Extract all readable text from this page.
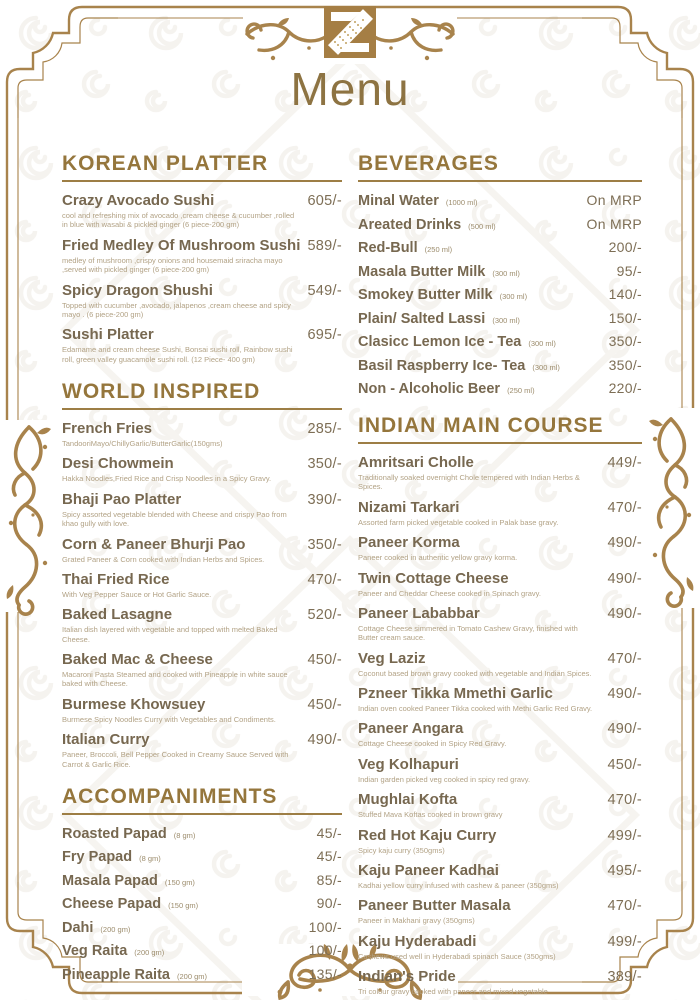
Menu
KOREAN PLATTER
Crazy Avocado Sushi	605/-
cool and refreshing mix of avocado ,cream cheese & cucumber ,rolled in blue with wasabi & pickled ginger (6 piece-200 gm)
Fried Medley Of Mushroom Sushi 589/-
medley of mushroom ,crispy onions and housemaid sriracha mayo ,served with pickled ginger (6 piece-200 gm)
Spicy Dragon Shushi	549/-
Topped with cucumber ,avocado, jalapenos ,cream cheese and spicy mayo . (6 piece-200 gm)
Sushi Platter	695/-
Edamame and cream cheese Sushi, Bonsai sushi roll, Rainbow sushi roll, green valley guacamole sushi roll. (12 Piece- 400 gm)
WORLD INSPIRED
French Fries	285/-
TandooriMayo/ChillyGarlic/ButterGarlic(150gms)
Desi Chowmein	350/-
Hakka Noodles,Fried Rice and Crisp Noodles in a Spicy Gravy.
Bhaji Pao Platter	390/-
Spicy assorted vegetable blended with Cheese and crispy Pao from khao gully with love.
Corn & Paneer Bhurji Pao	350/-
Grated Paneer & Corn cooked with Indian Herbs and Spices.
Thai Fried Rice	470/-
With Veg Pepper Sauce or Hot Garlic Sauce.
Baked Lasagne	520/-
Italian dish layered with vegetable and topped with melted Baked Cheese.
Baked Mac & Cheese	450/-
Macaroni Pasta Steamed and cooked with Pineapple in white sauce baked with Cheese.
Burmese Khowsuey	450/-
Burmese Spicy Noodles Curry with Vegetables and Condiments.
Italian Curry	490/-
Paneer, Broccoli, Bell Pepper Cooked in Creamy Sauce Served with Carrot & Garlic Rice.
ACCOMPANIMENTS
Roasted Papad (8 gm)	45/-
Fry Papad (8 gm)	45/-
Masala Papad (150 gm)	85/-
Cheese Papad (150 gm)	90/-
Dahi (200 gm)	100/-
Veg Raita (200 gm)	100/-
Pineapple Raita (200 gm)	135/-
BEVERAGES
Minal Water (1000 ml)	On MRP
Areated Drinks (500 ml)	On MRP
Red-Bull (250 ml)	200/-
Masala Butter Milk (300 ml)	95/-
Smokey Butter Milk (300 ml)	140/-
Plain/ Salted Lassi (300 ml)	150/-
Clasicc Lemon Ice - Tea (300 ml)	350/-
Basil Raspberry Ice- Tea (300 ml)	350/-
Non - Alcoholic Beer (250 ml)	220/-
INDIAN MAIN COURSE
Amritsari Cholle	449/-
Traditionally soaked overnight Chole tempered with Indian Herbs & Spices.
Nizami Tarkari	470/-
Assorted farm picked vegetable cooked in Palak base gravy.
Paneer Korma	490/-
Paneer cooked in authentic yellow gravy korma.
Twin Cottage Cheese	490/-
Paneer and Cheddar Cheese cooked in Spinach gravy.
Paneer Lababbar	490/-
Cottage Cheese simmered in Tomato Cashew Gravy, finished with Butter cream sauce.
Veg Laziz	470/-
Coconut based brown gravy cooked with vegetable and Indian Spices.
Pzneer Tikka Mmethi Garlic	490/-
Indian oven cooked Paneer Tikka cooked with Methi Garlic Red Gravy.
Paneer Angara	490/-
Cottage Cheese cooked in Spicy Red Gravy.
Veg Kolhapuri	450/-
Indian garden picked veg cooked in spicy red gravy.
Mughlai Kofta	470/-
Stuffed Mava Koftas cooked in brown gravy
Red Hot Kaju Curry	499/-
Spicy kaju curry (350gms)
Kaju Paneer Kadhai	495/-
Kadhai yellow curry infused with cashew & paneer (350gms)
Paneer Butter Masala	470/-
Paneer in Makhani gravy (350gms)
Kaju Hyderabadi	499/-
Cashews used well in Hyderabadi spinach Sauce (350gms)
Indian's Pride	389/-
Tri colour gravy cooked with paneer and mixed vegetable
